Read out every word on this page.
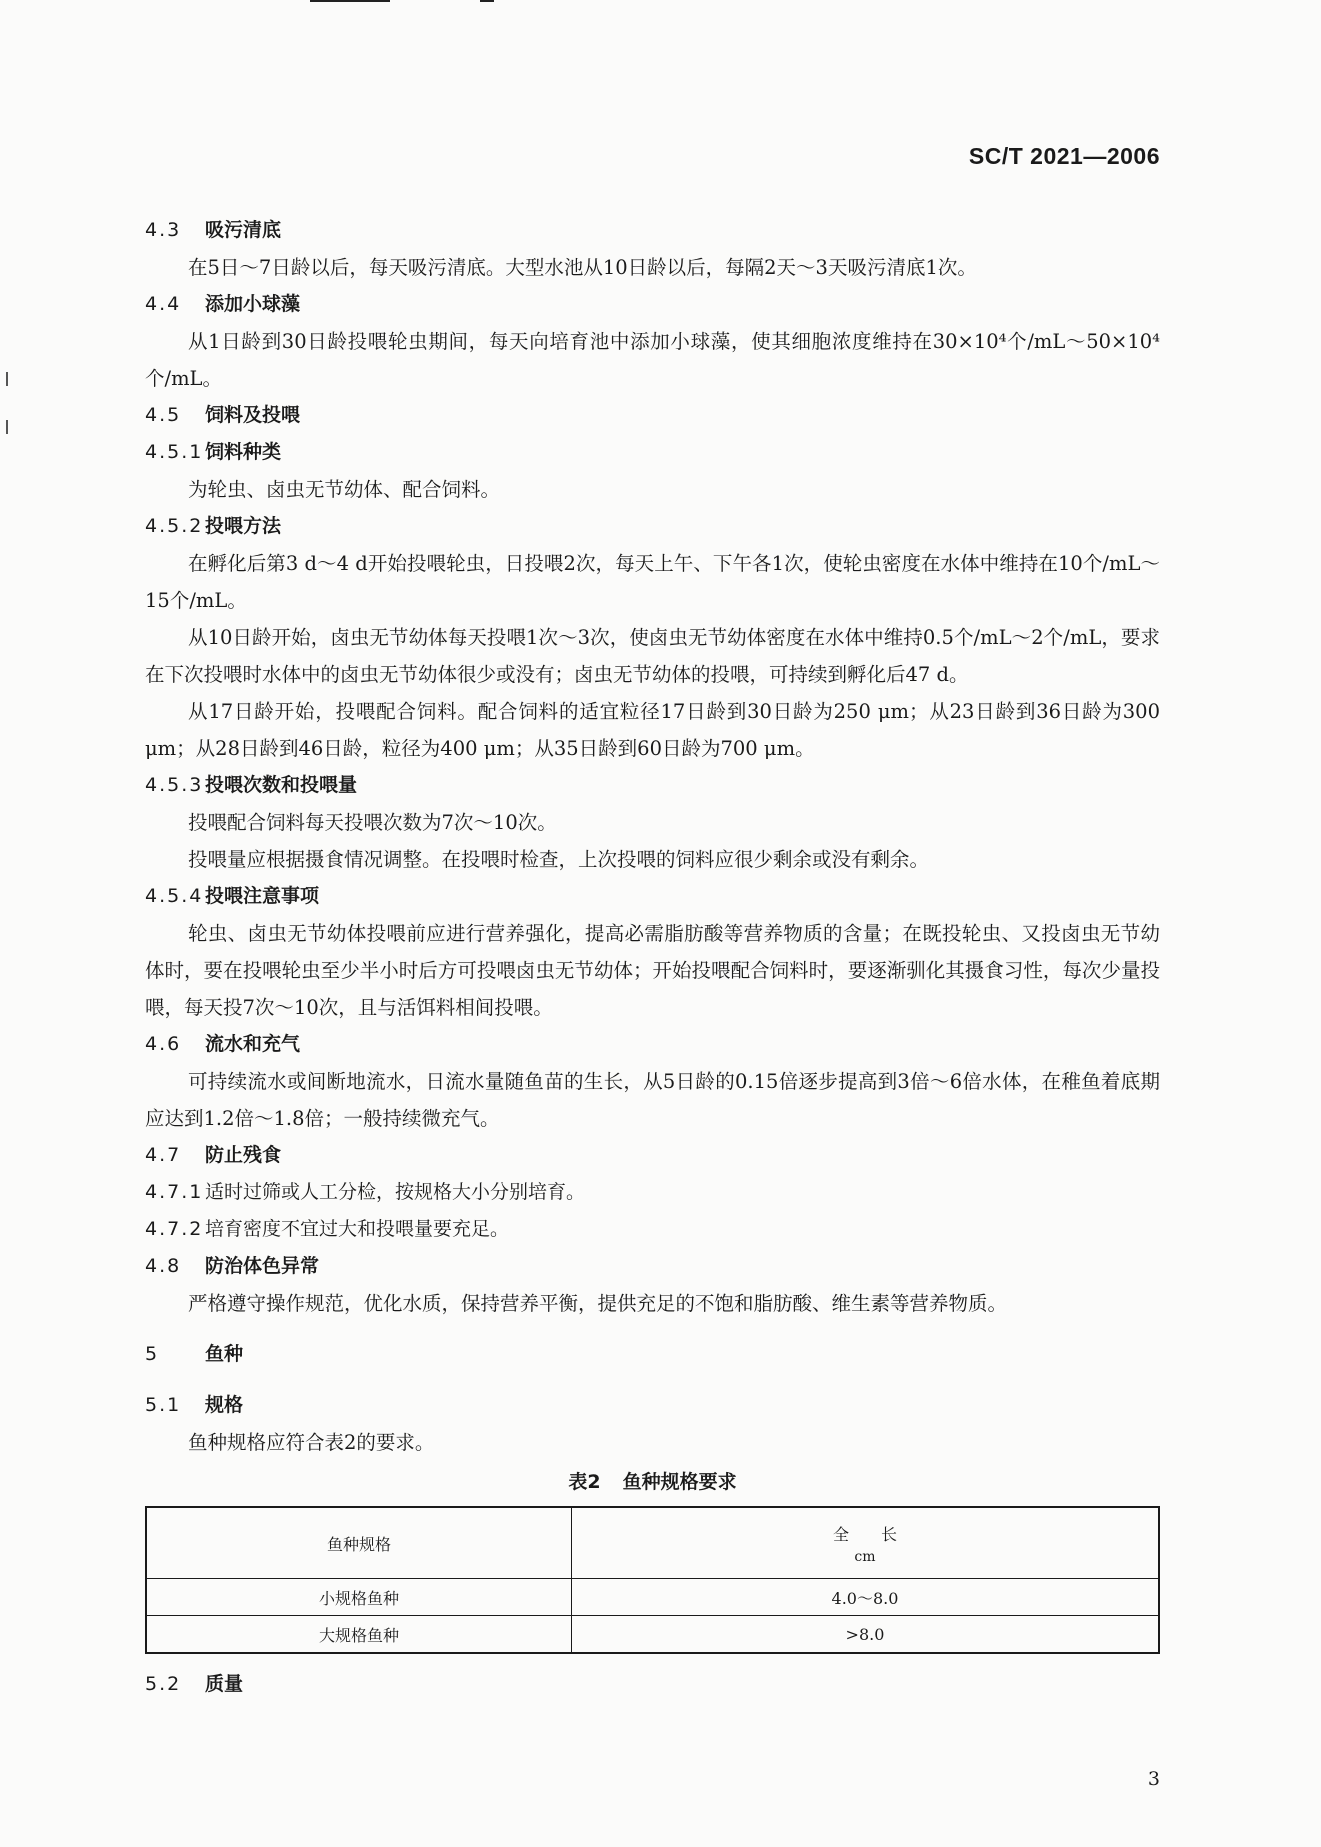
SC/T 2021—2006
4.3 吸污清底
在5日～7日龄以后，每天吸污清底。大型水池从10日龄以后，每隔2天～3天吸污清底1次。
4.4 添加小球藻
从1日龄到30日龄投喂轮虫期间，每天向培育池中添加小球藻，使其细胞浓度维持在30×10⁴个/mL～50×10⁴个/mL。
4.5 饲料及投喂
4.5.1饲料种类
为轮虫、卤虫无节幼体、配合饲料。
4.5.2投喂方法
在孵化后第3 d～4 d开始投喂轮虫，日投喂2次，每天上午、下午各1次，使轮虫密度在水体中维持在10个/mL～15个/mL。
从10日龄开始，卤虫无节幼体每天投喂1次～3次，使卤虫无节幼体密度在水体中维持0.5个/mL～2个/mL，要求在下次投喂时水体中的卤虫无节幼体很少或没有；卤虫无节幼体的投喂，可持续到孵化后47 d。
从17日龄开始，投喂配合饲料。配合饲料的适宜粒径17日龄到30日龄为250 μm；从23日龄到36日龄为300 μm；从28日龄到46日龄，粒径为400 μm；从35日龄到60日龄为700 μm。
4.5.3投喂次数和投喂量
投喂配合饲料每天投喂次数为7次～10次。
投喂量应根据摄食情况调整。在投喂时检查，上次投喂的饲料应很少剩余或没有剩余。
4.5.4投喂注意事项
轮虫、卤虫无节幼体投喂前应进行营养强化，提高必需脂肪酸等营养物质的含量；在既投轮虫、又投卤虫无节幼体时，要在投喂轮虫至少半小时后方可投喂卤虫无节幼体；开始投喂配合饲料时，要逐渐驯化其摄食习性，每次少量投喂，每天投7次～10次，且与活饵料相间投喂。
4.6 流水和充气
可持续流水或间断地流水，日流水量随鱼苗的生长，从5日龄的0.15倍逐步提高到3倍～6倍水体，在稚鱼着底期应达到1.2倍～1.8倍；一般持续微充气。
4.7 防止残食
4.7.1适时过筛或人工分检，按规格大小分别培育。
4.7.2培育密度不宜过大和投喂量要充足。
4.8 防治体色异常
严格遵守操作规范，优化水质，保持营养平衡，提供充足的不饱和脂肪酸、维生素等营养物质。
5 鱼种
5.1 规格
鱼种规格应符合表2的要求。
表2 鱼种规格要求
鱼种规格	全　　长
cm

小规格鱼种	4.0～8.0
大规格鱼种	>8.0
5.2 质量
3
